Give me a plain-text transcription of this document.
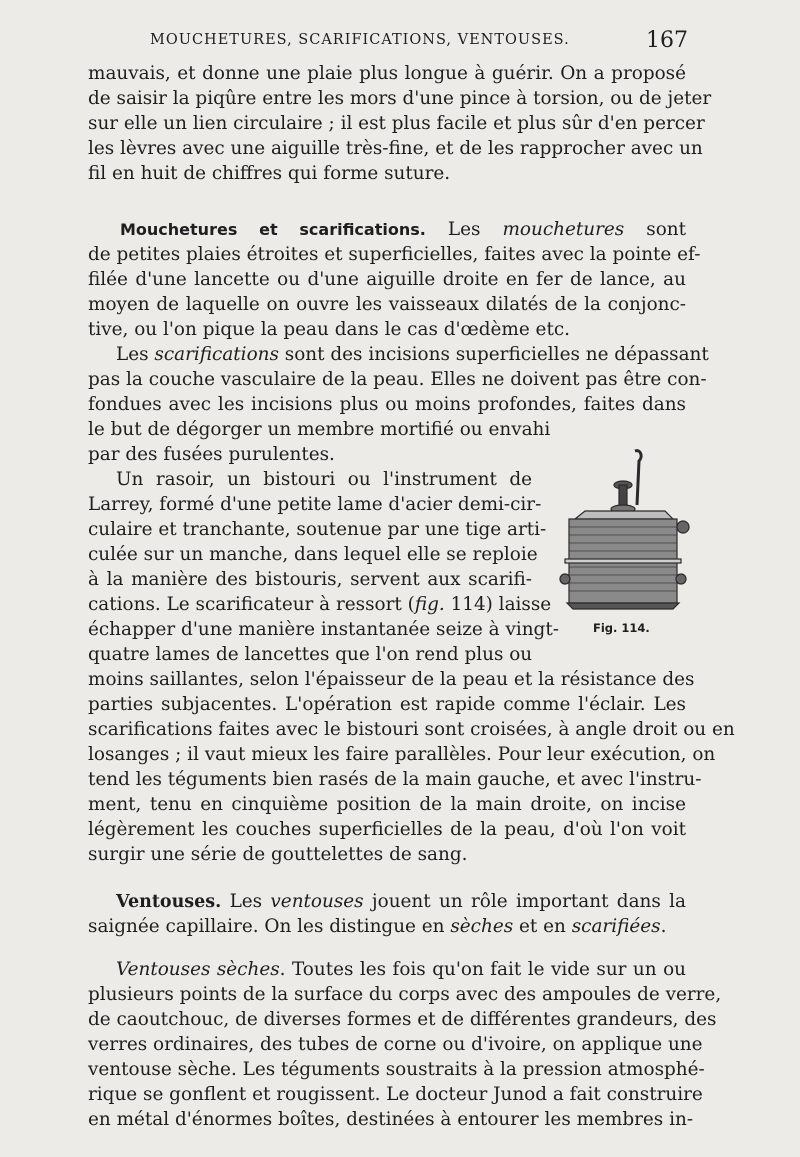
MOUCHETURES, SCARIFICATIONS, VENTOUSES.	167
mauvais, et donne une plaie plus longue à guérir. On a proposé
de saisir la piqûre entre les mors d'une pince à torsion, ou de jeter
sur elle un lien circulaire ; il est plus facile et plus sûr d'en percer
les lèvres avec une aiguille très-fine, et de les rapprocher avec un
fil en huit de chiffres qui forme suture.
Mouchetures et scarifications. Les mouchetures sont
de petites plaies étroites et superficielles, faites avec la pointe ef-
filée d'une lancette ou d'une aiguille droite en fer de lance, au
moyen de laquelle on ouvre les vaisseaux dilatés de la conjonc-
tive, ou l'on pique la peau dans le cas d'œdème etc.
Les scarifications sont des incisions superficielles ne dépassant
pas la couche vasculaire de la peau. Elles ne doivent pas être con-
fondues avec les incisions plus ou moins profondes, faites dans
le but de dégorger un membre mortifié ou envahi
par des fusées purulentes.
Un rasoir, un bistouri ou l'instrument de
Larrey, formé d'une petite lame d'acier demi-cir-
culaire et tranchante, soutenue par une tige arti-
culée sur un manche, dans lequel elle se reploie
à la manière des bistouris, servent aux scarifi-
cations. Le scarificateur à ressort (fig. 114) laisse
échapper d'une manière instantanée seize à vingt-
quatre lames de lancettes que l'on rend plus ou
moins saillantes, selon l'épaisseur de la peau et la résistance des
parties subjacentes. L'opération est rapide comme l'éclair. Les
scarifications faites avec le bistouri sont croisées, à angle droit ou en
losanges ; il vaut mieux les faire parallèles. Pour leur exécution, on
tend les téguments bien rasés de la main gauche, et avec l'instru-
ment, tenu en cinquième position de la main droite, on incise
légèrement les couches superficielles de la peau, d'où l'on voit
surgir une série de gouttelettes de sang.
Fig. 114.
Ventouses. Les ventouses jouent un rôle important dans la
saignée capillaire. On les distingue en sèches et en scarifiées.
Ventouses sèches. Toutes les fois qu'on fait le vide sur un ou
plusieurs points de la surface du corps avec des ampoules de verre,
de caoutchouc, de diverses formes et de différentes grandeurs, des
verres ordinaires, des tubes de corne ou d'ivoire, on applique une
ventouse sèche. Les téguments soustraits à la pression atmosphé-
rique se gonflent et rougissent. Le docteur Junod a fait construire
en métal d'énormes boîtes, destinées à entourer les membres in-
